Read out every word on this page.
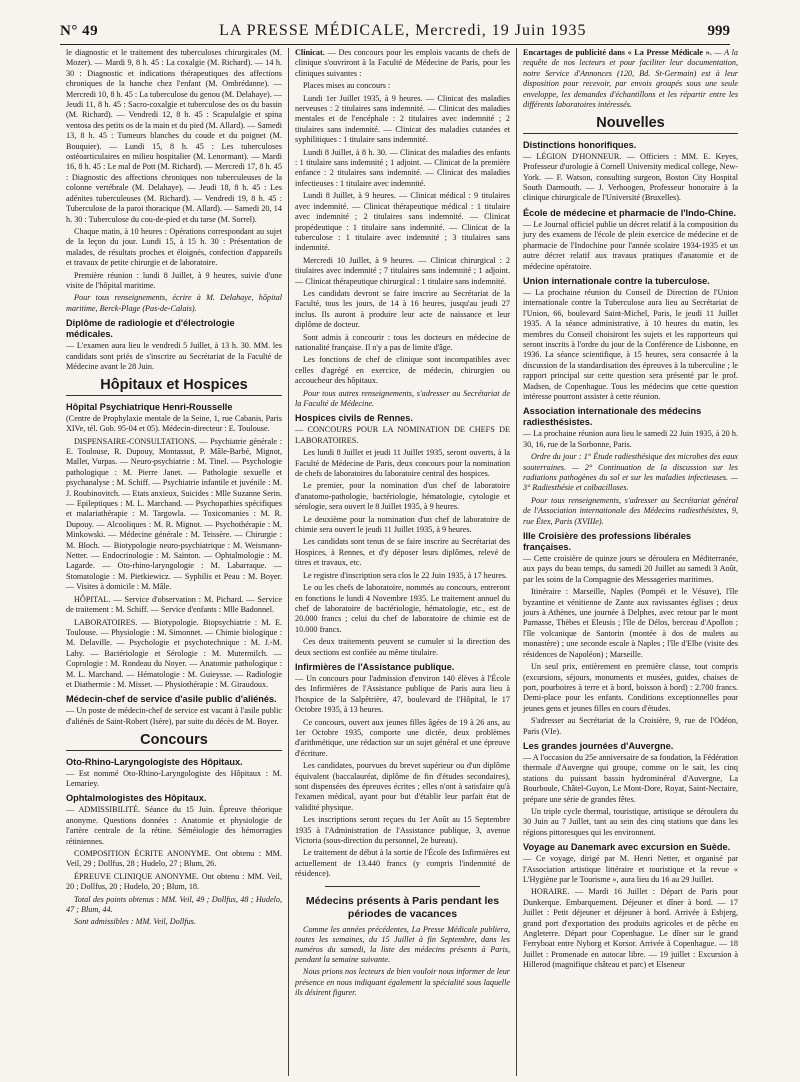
N° 49	LA PRESSE MÉDICALE, Mercredi, 19 Juin 1935	999

le diagnostic et le traitement des tuberculoses chirurgicales (M. Mozer). — Mardi 9, 8 h. 45 : La coxalgie (M. Richard). — 14 h. 30 : Diagnostic et indications thérapeutiques des affections chroniques de la hanche chez l'enfant (M. Ombrédanne). — Mercredi 10, 8 h. 45 : La tuberculose du genou (M. Delahaye). — Jeudi 11, 8 h. 45 : Sacro-coxalgie et tuberculose des os du bassin (M. Richard). — Vendredi 12, 8 h. 45 : Scapulalgie et spina ventosa des petits os de la main et du pied (M. Allard). — Samedi 13, 8 h. 45 : Tumeurs blanches du coude et du poignet (M. Bouquier). — Lundi 15, 8 h. 45 : Les tuberculoses ostéoarticulaires en milieu hospitalier (M. Lenormant). — Mardi 16, 8 h. 45 : Le mal de Pott (M. Richard). — Mercredi 17, 8 h. 45 : Diagnostic des affections chroniques non tuberculeuses de la colonne vertébrale (M. Delahaye). — Jeudi 18, 8 h. 45 : Les adénites tuberculeuses (M. Richard). — Vendredi 19, 8 h. 45 : Tuberculose de la paroi thoracique (M. Allard). — Samedi 20, 14 h. 30 : Tuberculose du cou-de-pied et du tarse (M. Sorrel).

Chaque matin, à 10 heures : Opérations correspondant au sujet de la leçon du jour. Lundi 15, à 15 h. 30 : Présentation de malades, de résultats proches et éloignés, confection d'appareils et travaux de petite chirurgie et de laboratoire.

Première réunion : lundi 8 Juillet, à 9 heures, suivie d'une visite de l'hôpital maritime.

Pour tous renseignements, écrire à M. Delahaye, hôpital maritime, Berck-Plage (Pas-de-Calais).

Diplôme de radiologie et d'électrologie médicales.

— L'examen aura lieu le vendredi 5 Juillet, à 13 h. 30. MM. les candidats sont priés de s'inscrire au Secrétariat de la Faculté de Médecine avant le 28 Juin.

Hôpitaux et Hospices
Hôpital Psychiatrique Henri-Rousselle

(Centre de Prophylaxie mentale de la Seine, 1, rue Cabanis, Paris XIVe, tél. Gob. 95-04 et 05). Médecin-directeur : E. Toulouse.

DISPENSAIRE-CONSULTATIONS. — Psychiatrie générale : E. Toulouse, R. Dupouy, Montassut, P. Mâle-Barbé, Mignot, Mallet, Vurpas. — Neuro-psychiatrie : M. Tinel. — Psychologie pathologique : M. Pierre Janet. — Pathologie sexuelle et psychanalyse : M. Schiff. — Psychiatrie infantile et juvénile : M. J. Roubinovitch. — Etats anxieux, Suicides : Mlle Suzanne Serin. — Epileptiques : M. L. Marchand. — Psychopathies spécifiques et malariathérapie : M. Targowla. — Toxicomanies : M. R. Dupouy. — Alcooliques : M. R. Mignot. — Psychothérapie : M. Minkowski. — Médecine générale : M. Teissère. — Chirurgie : M. Bloch. — Biotypologie neuro-psychiatrique : M. Weismann-Netter. — Endocrinologie : M. Sainton. — Ophtalmologie : M. Lagarde. — Oto-rhino-laryngologie : M. Labarraque. — Stomatologie : M. Pietkiewicz. — Syphilis et Peau : M. Boyer. — Visites à domicile : M. Mâle.

HÔPITAL. — Service d'observation : M. Pichard. — Service de traitement : M. Schiff. — Service d'enfants : Mlle Badonnel.

LABORATOIRES. — Biotypologie. Biopsychiatrie : M. E. Toulouse. — Physiologie : M. Simonnet. — Chimie biologique : M. Delaville. — Psychologie et psychotechnique : M. J.-M. Lahy. — Bactériologie et Sérologie : M. Mutermilch. — Coprologie : M. Rondeau du Noyer. — Anatomie pathologique : M. L. Marchand. — Hématologie : M. Guieysse. — Radiologie et Diathermie : M. Misset. — Physiothérapie : M. Giraudoux.

Médecin-chef de service d'asile public d'aliénés.

— Un poste de médecin-chef de service est vacant à l'asile public d'aliénés de Saint-Robert (Isère), par suite du décès de M. Boyer.

Concours
Oto-Rhino-Laryngologiste des Hôpitaux.

— Est nommé Oto-Rhino-Laryngologiste des Hôpitaux : M. Lemariey.

Ophtalmologistes des Hôpitaux.

— ADMISSIBILITÉ. Séance du 15 Juin. Épreuve théorique anonyme. Questions données : Anatomie et physiologie de l'artère centrale de la rétine. Séméiologie des hémorragies rétiniennes.

COMPOSITION ÉCRITE ANONYME. Ont obtenu : MM. Veil, 29 ; Dollfus, 28 ; Hudelo, 27 ; Blum, 26.

ÉPREUVE CLINIQUE ANONYME. Ont obtenu : MM. Veil, 20 ; Dollfus, 20 ; Hudelo, 20 ; Blum, 18.

Total des points obtenus : MM. Veil, 49 ; Dollfus, 48 ; Hudelo, 47 ; Blum, 44.

Sont admissibles : MM. Veil, Dollfus.

Clinicat. — Des concours pour les emplois vacants de chefs de clinique s'ouvriront à la Faculté de Médecine de Paris, pour les cliniques suivantes :

Places mises au concours :

Lundi 1er Juillet 1935, à 9 heures. — Clinicat des maladies nerveuses : 2 titulaires sans indemnité. — Clinicat des maladies mentales et de l'encéphale : 2 titulaires avec indemnité ; 2 titulaires sans indemnité. — Clinicat des maladies cutanées et syphilitiques : 1 titulaire sans indemnité.

Lundi 8 Juillet, à 8 h. 30. — Clinicat des maladies des enfants : 1 titulaire sans indemnité ; 1 adjoint. — Clinicat de la première enfance : 2 titulaires sans indemnité. — Clinicat des maladies infectieuses : 1 titulaire avec indemnité.

Lundi 8 Juillet, à 9 heures. — Clinicat médical : 9 titulaires avec indemnité. — Clinicat thérapeutique médical : 1 titulaire avec indemnité ; 2 titulaires sans indemnité. — Clinicat propédeutique : 1 titulaire sans indemnité. — Clinicat de la tuberculose : 1 titulaire avec indemnité ; 3 titulaires sans indemnité.

Mercredi 10 Juillet, à 9 heures. — Clinicat chirurgical : 2 titulaires avec indemnité ; 7 titulaires sans indemnité ; 1 adjoint. — Clinicat thérapeutique chirurgical : 1 titulaire sans indemnité.

Les candidats devront se faire inscrire au Secrétariat de la Faculté, tous les jours, de 14 à 16 heures, jusqu'au jeudi 27 inclus. Ils auront à produire leur acte de naissance et leur diplôme de docteur.

Sont admis à concourir : tous les docteurs en médecine de nationalité française. Il n'y a pas de limite d'âge.

Les fonctions de chef de clinique sont incompatibles avec celles d'agrégé en exercice, de médecin, chirurgien ou accoucheur des hôpitaux.

Pour tous autres renseignements, s'adresser au Secrétariat de la Faculté de Médecine.

Hospices civils de Rennes.

— CONCOURS POUR LA NOMINATION DE CHEFS DE LABORATOIRES.

Les lundi 8 Juillet et jeudi 11 Juillet 1935, seront ouverts, à la Faculté de Médecine de Paris, deux concours pour la nomination de chefs de laboratoires du laboratoire central des hospices.

Le premier, pour la nomination d'un chef de laboratoire d'anatomo-pathologie, bactériologie, hématologie, cytologie et sérologie, sera ouvert le 8 Juillet 1935, à 9 heures.

Le deuxième pour la nomination d'un chef de laboratoire de chimie sera ouvert le jeudi 11 Juillet 1935, à 9 heures.

Les candidats sont tenus de se faire inscrire au Secrétariat des Hospices, à Rennes, et d'y déposer leurs diplômes, relevé de titres et travaux, etc.

Le registre d'inscription sera clos le 22 Juin 1935, à 17 heures.

Le ou les chefs de laboratoire, nommés au concours, entreront en fonctions le lundi 4 Novembre 1935. Le traitement annuel du chef de laboratoire de bactériologie, hématologie, etc., est de 20.000 francs ; celui du chef de laboratoire de chimie est de 10.000 francs.

Ces deux traitements peuvent se cumuler si la direction des deux sections est confiée au même titulaire.

Infirmières de l'Assistance publique.

— Un concours pour l'admission d'environ 140 élèves à l'École des Infirmières de l'Assistance publique de Paris aura lieu à l'hospice de la Salpêtrière, 47, boulevard de l'Hôpital, le 17 Octobre 1935, à 13 heures.

Ce concours, ouvert aux jeunes filles âgées de 19 à 26 ans, au 1er Octobre 1935, comporte une dictée, deux problèmes d'arithmétique, une rédaction sur un sujet général et une épreuve d'écriture.

Les candidates, pourvues du brevet supérieur ou d'un diplôme équivalent (baccalauréat, diplôme de fin d'études secondaires), sont dispensées des épreuves écrites ; elles n'ont à satisfaire qu'à l'examen médical, ayant pour but d'établir leur parfait état de validité physique.

Les inscriptions seront reçues du 1er Août au 15 Septembre 1935 à l'Administration de l'Assistance publique, 3, avenue Victoria (sous-direction du personnel, 2e bureau).

Le traitement de début à la sortie de l'École des Infirmières est actuellement de 13.440 francs (y compris l'indemnité de résidence).

Médecins présents à Paris pendant les périodes de vacances

Comme les années précédentes, La Presse Médicale publiera, toutes les semaines, du 15 Juillet à fin Septembre, dans les numéros du samedi, la liste des médecins présents à Paris, pendant la semaine suivante.

Nous prions nos lecteurs de bien vouloir nous informer de leur présence en nous indiquant également la spécialité sous laquelle ils désirent figurer.

Encartages de publicité dans « La Presse Médicale ». — A la requête de nos lecteurs et pour faciliter leur documentation, notre Service d'Annonces (120, Bd. St-Germain) est à leur disposition pour recevoir, par envois groupés sous une seule enveloppe, les demandes d'échantillons et les répartir entre les différents laboratoires intéressés.

Nouvelles
Distinctions honorifiques.

— LÉGION D'HONNEUR. — Officiers : MM. E. Keyes, Professeur d'urologie à Cornell University medical college, New-York. — F. Watson, consulting surgeon, Boston City Hospital South Darmouth. — J. Verhoogen, Professeur honoraire à la clinique chirurgicale de l'Université (Bruxelles).

École de médecine et pharmacie de l'Indo-Chine.

— Le Journal officiel publie un décret relatif à la composition du jury des examens de l'école de plein exercice de médecine et de pharmacie de l'Indochine pour l'année scolaire 1934-1935 et un autre décret relatif aux travaux pratiques d'anatomie et de médecine opératoire.

Union internationale contre la tuberculose.

— La prochaine réunion du Conseil de Direction de l'Union internationale contre la Tuberculose aura lieu au Secrétariat de l'Union, 66, boulevard Saint-Michel, Paris, le jeudi 11 Juillet 1935. A la séance administrative, à 10 heures du matin, les membres du Conseil choisiront les sujets et les rapporteurs qui seront inscrits à l'ordre du jour de la Conférence de Lisbonne, en 1936. La séance scientifique, à 15 heures, sera consacrée à la discussion de la standardisation des épreuves à la tuberculine ; le rapport principal sur cette question sera présenté par le prof. Madsen, de Copenhague. Tous les médecins que cette question intéresse pourront assister à cette réunion.

Association internationale des médecins radiesthésistes.

— La prochaine réunion aura lieu le samedi 22 Juin 1935, à 20 h. 30, 16, rue de la Sorbonne, Paris.

Ordre du jour : 1° Étude radiesthésique des microbes des eaux souterraines. — 2° Continuation de la discussion sur les radiations pathogènes du sol et sur les maladies infectieuses. — 3° Radiesthésie et coïbacilloses.

Pour tous renseignements, s'adresser au Secrétariat général de l'Association internationale des Médecins radiesthésistes, 9, rue Étex, Paris (XVIIIe).

IIIe Croisière des professions libérales françaises.

— Cette croisière de quinze jours se déroulera en Méditerranée, aux pays du beau temps, du samedi 20 Juillet au samedi 3 Août, par les soins de la Compagnie des Messageries maritimes.

Itinéraire : Marseille, Naples (Pompéi et le Vésuve), l'île byzantine et vénitienne de Zante aux ravissantes églises ; deux jours à Athènes, une journée à Delphes, avec retour par le mont Parnasse, Thèbes et Eleusis ; l'île de Délos, berceau d'Apollon ; l'île volcanique de Santorin (montée à dos de mulets au monastère) ; une seconde escale à Naples ; l'île d'Elbe (visite des résidences de Napoléon) ; Marseille.

Un seul prix, entièrement en première classe, tout compris (excursions, séjours, monuments et musées, guides, chaises de port, pourboires à terre et à bord, boisson à bord) : 2.700 francs. Demi-place pour les enfants. Conditions exceptionnelles pour jeunes gens et jeunes filles en cours d'études.

S'adresser au Secrétariat de la Croisière, 9, rue de l'Odéon, Paris (VIe).

Les grandes journées d'Auvergne.

— A l'occasion du 25e anniversaire de sa fondation, la Fédération thermale d'Auvergne qui groupe, comme on le sait, les cinq stations du puissant bassin hydrominéral d'Auvergne, La Bourboule, Châtel-Guyon, Le Mont-Dore, Royat, Saint-Nectaire, prépare une série de grandes fêtes.

Un triple cycle thermal, touristique, artistique se déroulera du 30 Juin au 7 Juillet, tant au sein des cinq stations que dans les régions pittoresques qui les environnent.

Voyage au Danemark avec excursion en Suède.

— Ce voyage, dirigé par M. Henri Netter, et organisé par l'Association artistique littéraire et touristique et la revue « L'Hygiène par le Tourisme », aura lieu du 16 au 29 Juillet.

HORAIRE. — Mardi 16 Juillet : Départ de Paris pour Dunkerque. Embarquement. Déjeuner et dîner à bord. — 17 Juillet : Petit déjeuner et déjeuner à bord. Arrivée à Esbjerg, grand port d'exportation des produits agricoles et de pêche en Angleterre. Départ pour Copenhague. Le dîner sur le grand Ferryboat entre Nyborg et Korsor. Arrivée à Copenhague. — 18 Juillet : Promenade en autocar libre. — 19 juillet : Excursion à Hillerod (magnifique château et parc) et Elseneur
